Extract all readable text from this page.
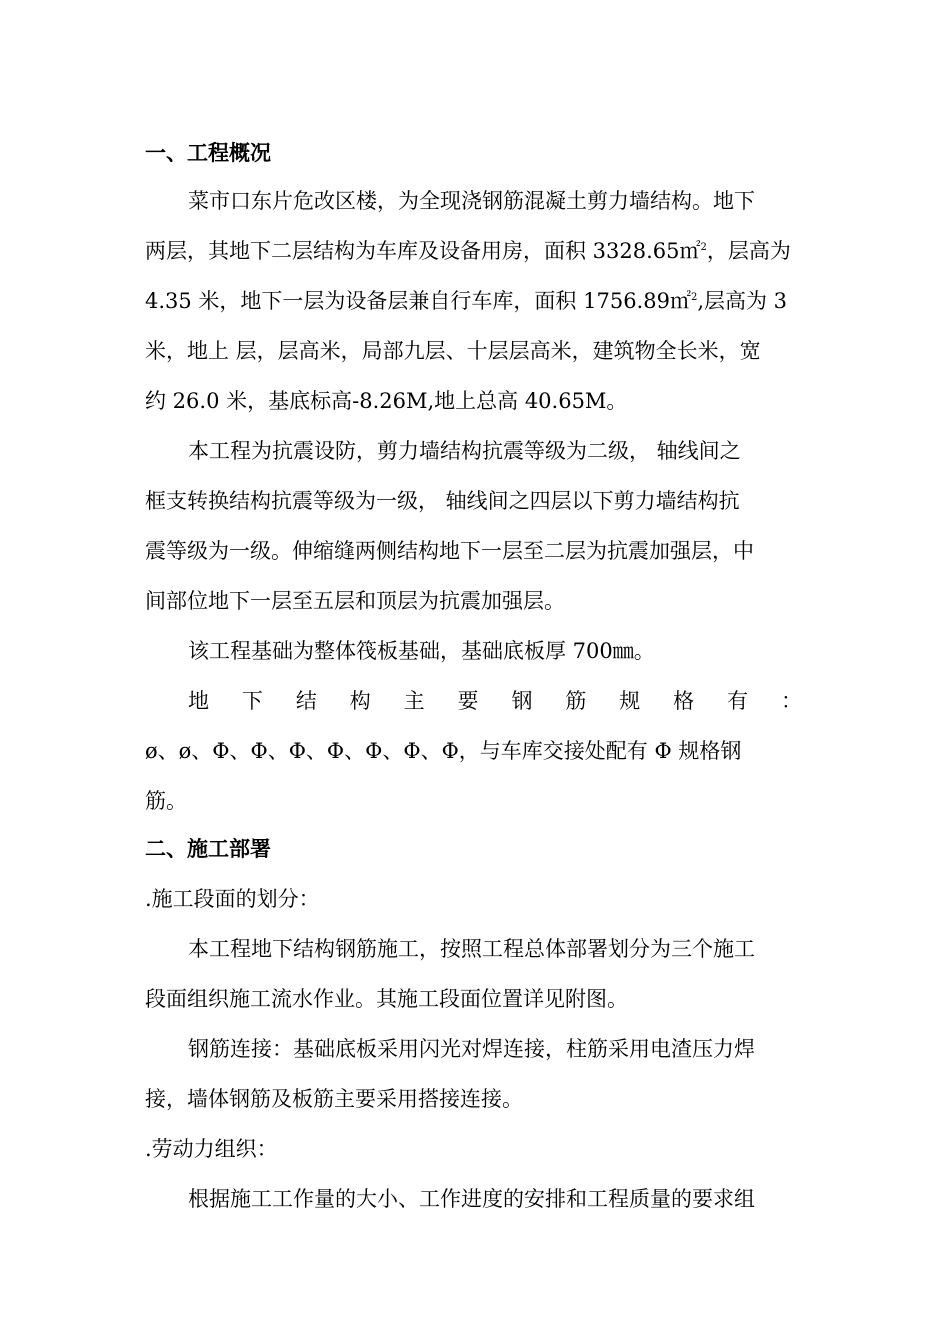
一、工程概况
菜市口东片危改区楼，为全现浇钢筋混凝土剪力墙结构。地下
两层，其地下二层结构为车库及设备用房，面积 3328.65㎡$^2$，层高为
4.35 米，地下一层为设备层兼自行车库，面积 1756.89㎡$^2$,层高为 3
米，地上 层，层高米，局部九层、十层层高米，建筑物全长米，宽
约 26.0 米，基底标高-8.26M,地上总高 40.65M。
本工程为抗震设防，剪力墙结构抗震等级为二级， 轴线间之
框支转换结构抗震等级为一级， 轴线间之四层以下剪力墙结构抗
震等级为一级。伸缩缝两侧结构地下一层至二层为抗震加强层，中
间部位地下一层至五层和顶层为抗震加强层。
该工程基础为整体筏板基础，基础底板厚 700㎜。
地 下 结 构 主 要 钢 筋 规 格 有 ：
ø、ø、Φ、Φ、Φ、Φ、Φ、Φ、Φ，与车库交接处配有 Φ 规格钢
筋。
二、施工部署
.施工段面的划分：
本工程地下结构钢筋施工，按照工程总体部署划分为三个施工
段面组织施工流水作业。其施工段面位置详见附图。
钢筋连接：基础底板采用闪光对焊连接，柱筋采用电渣压力焊
接，墙体钢筋及板筋主要采用搭接连接。
.劳动力组织：
根据施工工作量的大小、工作进度的安排和工程质量的要求组
